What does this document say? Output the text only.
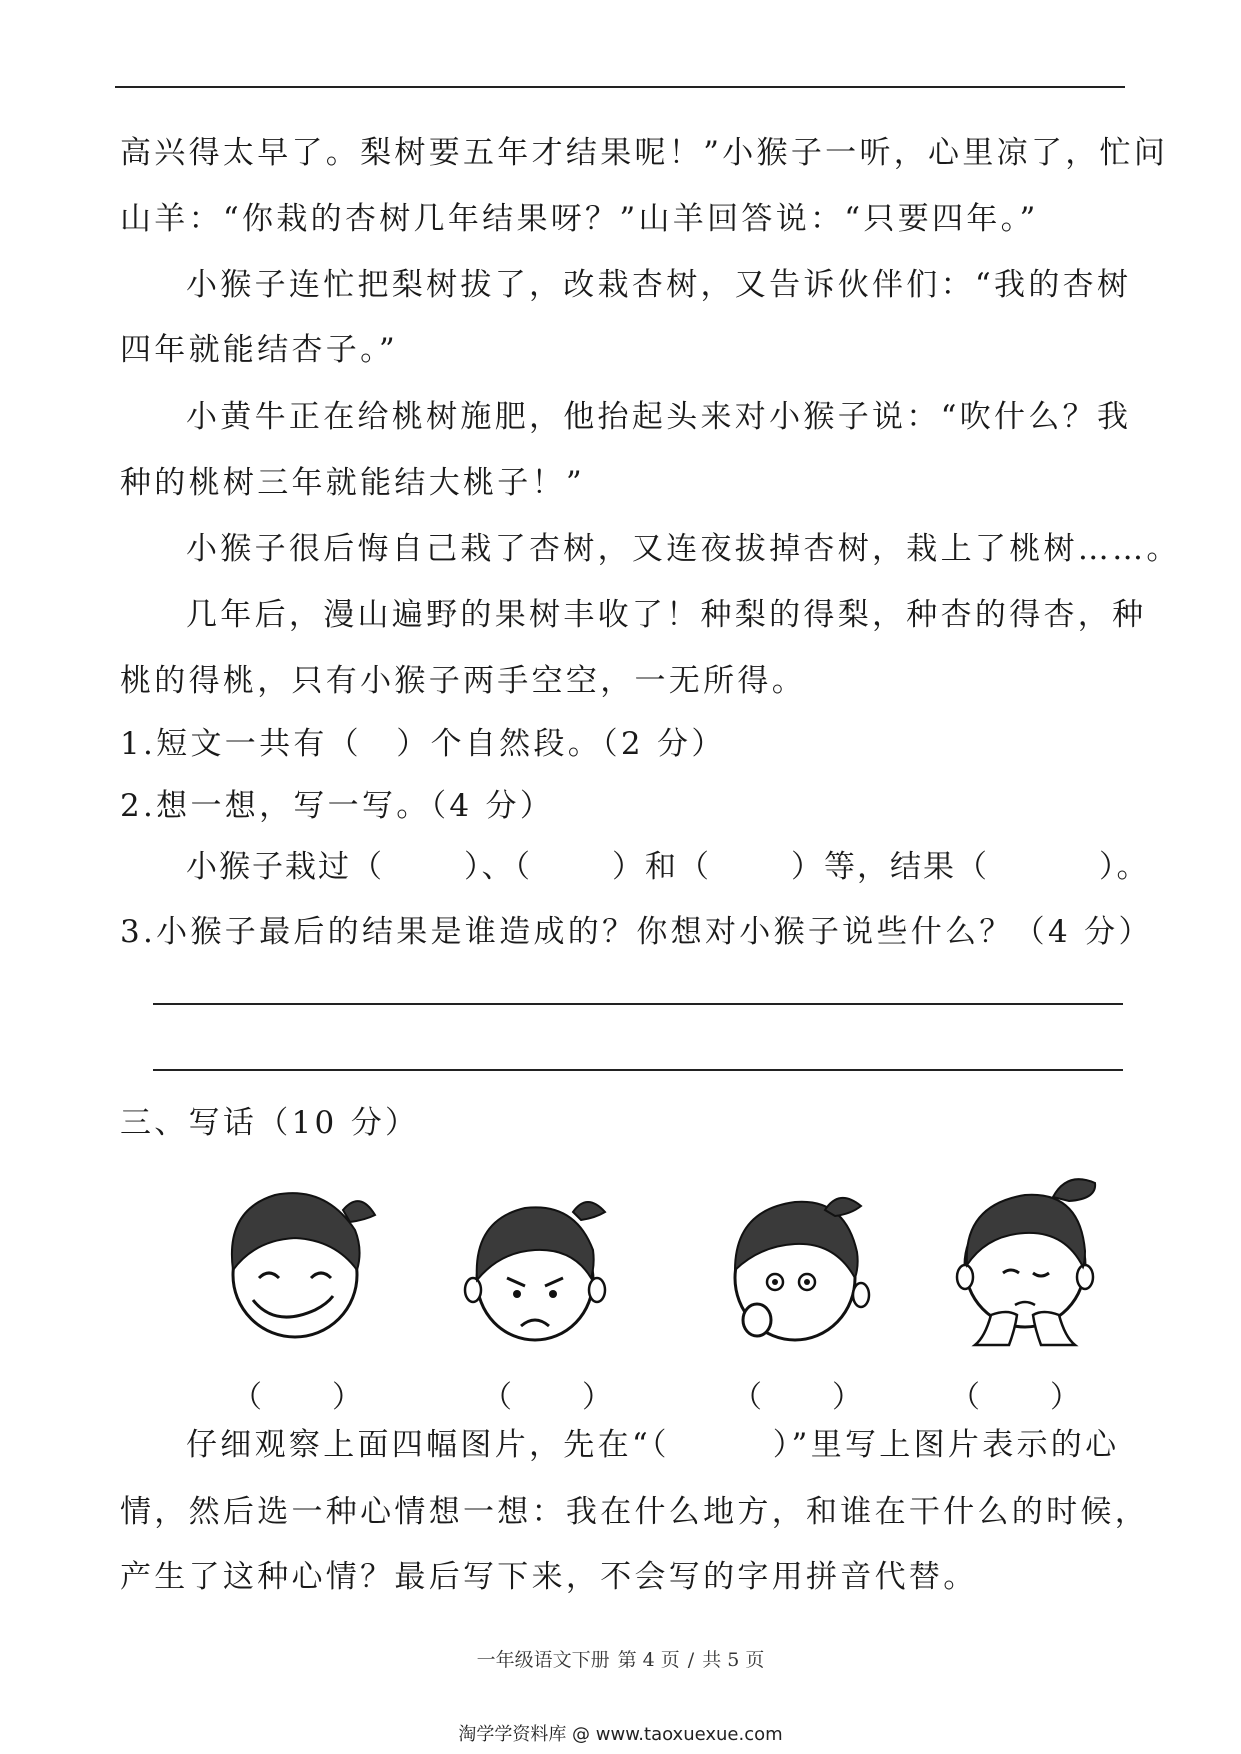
高兴得太早了。梨树要五年才结果呢！”小猴子一听，心里凉了，忙问
山羊：“你栽的杏树几年结果呀？”山羊回答说：“只要四年。”
小猴子连忙把梨树拔了，改栽杏树，又告诉伙伴们：“我的杏树
四年就能结杏子。”
小黄牛正在给桃树施肥，他抬起头来对小猴子说：“吹什么？我
种的桃树三年就能结大桃子！”
小猴子很后悔自己栽了杏树，又连夜拔掉杏树，栽上了桃树……。
几年后，漫山遍野的果树丰收了！种梨的得梨，种杏的得杏，种
桃的得桃，只有小猴子两手空空，一无所得。
1.短文一共有（　）个自然段。（2 分）
2.想一想，写一写。（4 分）
小猴子栽过（	）、（	）和（	）等，结果（	）。
3.小猴子最后的结果是谁造成的？你想对小猴子说些什么？（4 分）
三、写话（10 分）
（ ）	（ ）	（ ）	（ ）
仔细观察上面四幅图片，先在“（　　　）”里写上图片表示的心
情，然后选一种心情想一想：我在什么地方，和谁在干什么的时候，
产生了这种心情？最后写下来，不会写的字用拼音代替。
一年级语文下册 第 4 页 / 共 5 页
淘学学资料库 @ www.taoxuexue.com
